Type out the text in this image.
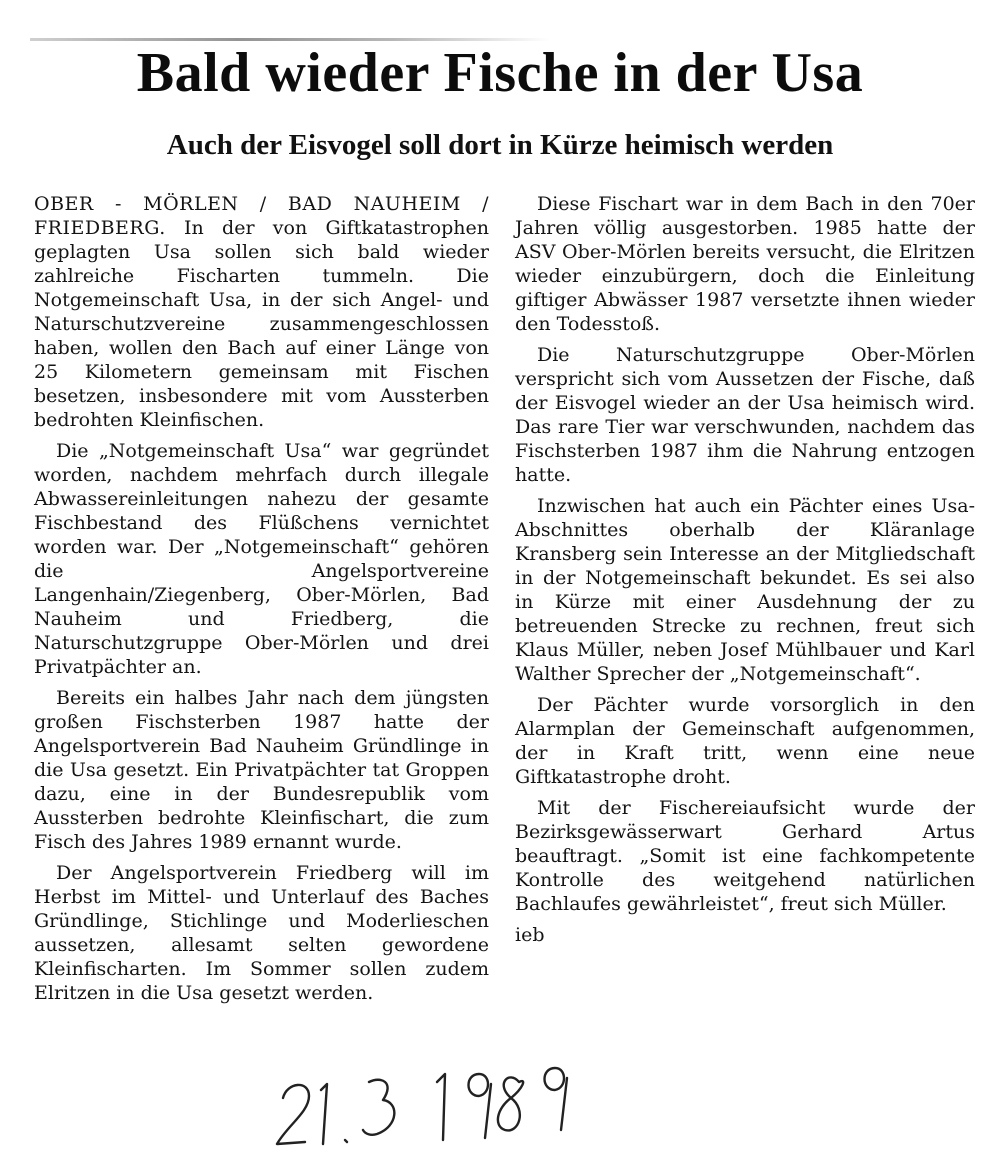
Bald wieder Fische in der Usa
Auch der Eisvogel soll dort in Kürze heimisch werden

OBER - MÖRLEN / BAD NAUHEIM / FRIEDBERG. In der von Giftkatastrophen geplagten Usa sollen sich bald wieder zahlreiche Fischarten tummeln. Die Notgemeinschaft Usa, in der sich Angel- und Naturschutzvereine zusammengeschlossen haben, wollen den Bach auf einer Länge von 25 Kilometern gemeinsam mit Fischen besetzen, insbesondere mit vom Aussterben bedrohten Kleinfischen.

Die „Notgemeinschaft Usa“ war gegründet worden, nachdem mehrfach durch illegale Abwassereinleitungen nahezu der gesamte Fischbestand des Flüßchens vernichtet worden war. Der „Notgemeinschaft“ gehören die Angelsportvereine Langenhain/Ziegenberg, Ober-Mörlen, Bad Nauheim und Friedberg, die Naturschutzgruppe Ober-Mörlen und drei Privatpächter an.

Bereits ein halbes Jahr nach dem jüngsten großen Fischsterben 1987 hatte der Angelsportverein Bad Nauheim Gründlinge in die Usa gesetzt. Ein Privatpächter tat Groppen dazu, eine in der Bundesrepublik vom Aussterben bedrohte Kleinfischart, die zum Fisch des Jahres 1989 ernannt wurde.

Der Angelsportverein Friedberg will im Herbst im Mittel- und Unterlauf des Baches Gründlinge, Stichlinge und Moderlieschen aussetzen, allesamt selten gewordene Kleinfischarten. Im Sommer sollen zudem Elritzen in die Usa gesetzt werden.

Diese Fischart war in dem Bach in den 70er Jahren völlig ausgestorben. 1985 hatte der ASV Ober-Mörlen bereits versucht, die Elritzen wieder einzubürgern, doch die Einleitung giftiger Abwässer 1987 versetzte ihnen wieder den Todesstoß.

Die Naturschutzgruppe Ober-Mörlen verspricht sich vom Aussetzen der Fische, daß der Eisvogel wieder an der Usa heimisch wird. Das rare Tier war verschwunden, nachdem das Fischsterben 1987 ihm die Nahrung entzogen hatte.

Inzwischen hat auch ein Pächter eines Usa-Abschnittes oberhalb der Kläranlage Kransberg sein Interesse an der Mitgliedschaft in der Notgemeinschaft bekundet. Es sei also in Kürze mit einer Ausdehnung der zu betreuenden Strecke zu rechnen, freut sich Klaus Müller, neben Josef Mühlbauer und Karl Walther Sprecher der „Notgemeinschaft“.

Der Pächter wurde vorsorglich in den Alarmplan der Gemeinschaft aufgenommen, der in Kraft tritt, wenn eine neue Giftkatastrophe droht.

Mit der Fischereiaufsicht wurde der Bezirksgewässerwart Gerhard Artus beauftragt. „Somit ist eine fachkompetente Kontrolle des weitgehend natürlichen Bachlaufes gewährleistet“, freut sich Müller.

ieb
